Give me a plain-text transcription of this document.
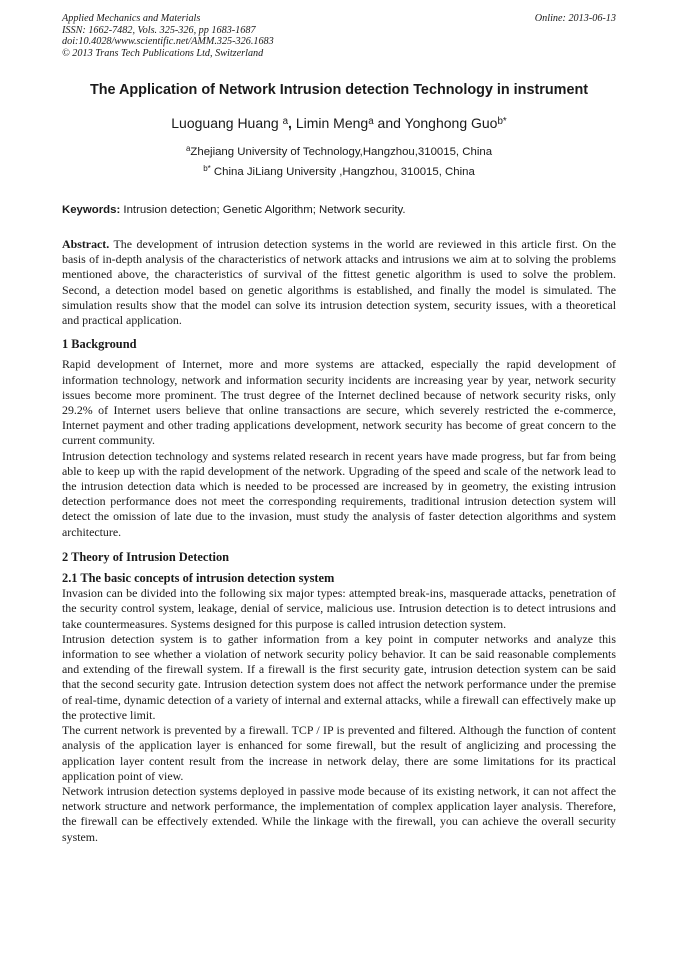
Applied Mechanics and Materials
ISSN: 1662-7482, Vols. 325-326, pp 1683-1687
doi:10.4028/www.scientific.net/AMM.325-326.1683
© 2013 Trans Tech Publications Ltd, Switzerland
Online: 2013-06-13
The Application of Network Intrusion detection Technology in instrument
Luoguang Huang $^a$, Limin Meng$^a$ and Yonghong Guo$^{b*}$
$^a$Zhejiang University of Technology,Hangzhou,310015, China
$^{b*}$ China JiLiang University ,Hangzhou, 310015, China
Keywords: Intrusion detection; Genetic Algorithm; Network security.

Abstract. The development of intrusion detection systems in the world are reviewed in this article first. On the basis of in-depth analysis of the characteristics of network attacks and intrusions we aim at to solving the problems mentioned above, the characteristics of survival of the fittest genetic algorithm is used to solve the problem. Second, a detection model based on genetic algorithms is established, and finally the model is simulated. The simulation results show that the model can solve its intrusion detection system, security issues, with a theoretical and practical application.

1 Background

Rapid development of Internet, more and more systems are attacked, especially the rapid development of information technology, network and information security incidents are increasing year by year, network security issues become more prominent. The trust degree of the Internet declined because of network security risks, only 29.2% of Internet users believe that online transactions are secure, which severely restricted the e-commerce, Internet payment and other trading applications development, network security has become of great concern to the current community.

Intrusion detection technology and systems related research in recent years have made progress, but far from being able to keep up with the rapid development of the network. Upgrading of the speed and scale of the network lead to the intrusion detection data which is needed to be processed are increased by in geometry, the existing intrusion detection performance does not meet the corresponding requirements, traditional intrusion detection system will detect the omission of late due to the invasion, must study the analysis of faster detection algorithms and system architecture.

2 Theory of Intrusion Detection
2.1 The basic concepts of intrusion detection system

Invasion can be divided into the following six major types: attempted break-ins, masquerade attacks, penetration of the security control system, leakage, denial of service, malicious use. Intrusion detection is to detect intrusions and take countermeasures. Systems designed for this purpose is called intrusion detection system.

Intrusion detection system is to gather information from a key point in computer networks and analyze this information to see whether a violation of network security policy behavior. It can be said reasonable complements and extending of the firewall system. If a firewall is the first security gate, intrusion detection system can be said that the second security gate. Intrusion detection system does not affect the network performance under the premise of real-time, dynamic detection of a variety of internal and external attacks, while a firewall can effectively make up the protective limit.

The current network is prevented by a firewall. TCP / IP is prevented and filtered. Although the function of content analysis of the application layer is enhanced for some firewall, but the result of anglicizing and processing the application layer content result from the increase in network delay, there are some limitations for its practical application point of view.

Network intrusion detection systems deployed in passive mode because of its existing network, it can not affect the network structure and network performance, the implementation of complex application layer analysis. Therefore, the firewall can be effectively extended. While the linkage with the firewall, you can achieve the overall security system.
